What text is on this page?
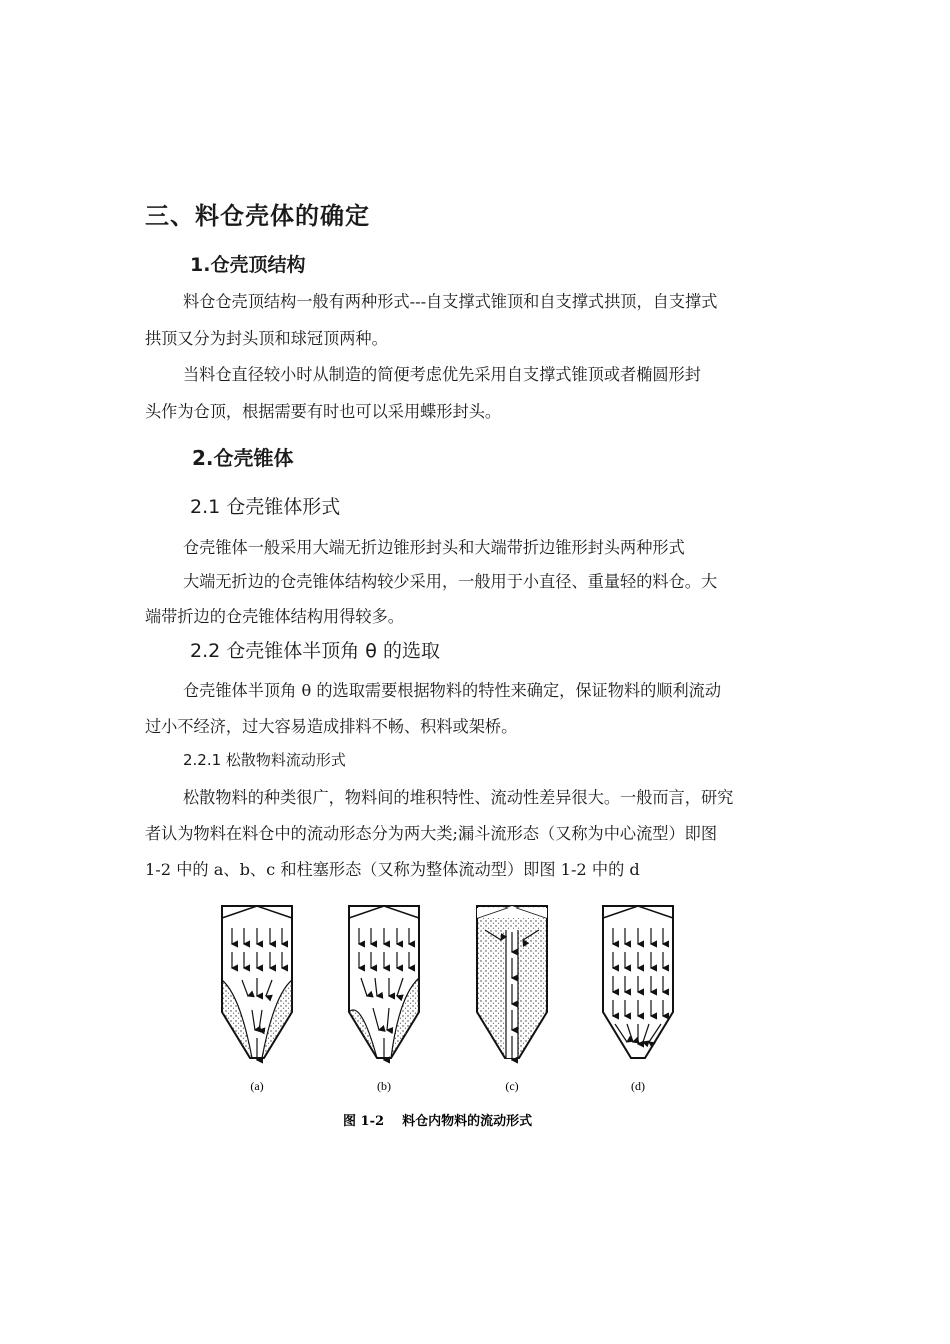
三、料仓壳体的确定
1.仓壳顶结构
料仓仓壳顶结构一般有两种形式---自支撑式锥顶和自支撑式拱顶，自支撑式
拱顶又分为封头顶和球冠顶两种。
当料仓直径较小时从制造的简便考虑优先采用自支撑式锥顶或者椭圆形封
头作为仓顶，根据需要有时也可以采用蝶形封头。
2.仓壳锥体
2.1 仓壳锥体形式
仓壳锥体一般采用大端无折边锥形封头和大端带折边锥形封头两种形式
大端无折边的仓壳锥体结构较少采用，一般用于小直径、重量轻的料仓。大
端带折边的仓壳锥体结构用得较多。
2.2 仓壳锥体半顶角 θ 的选取
仓壳锥体半顶角 θ 的选取需要根据物料的特性来确定，保证物料的顺利流动
过小不经济，过大容易造成排料不畅、积料或架桥。
2.2.1 松散物料流动形式
松散物料的种类很广，物料间的堆积特性、流动性差异很大。一般而言，研究
者认为物料在料仓中的流动形态分为两大类;漏斗流形态（又称为中心流型）即图
1-2 中的 a、b、c 和柱塞形态（又称为整体流动型）即图 1-2 中的 d
(a)	(b)	(c)	(d)
图 1-2    料仓内物料的流动形式
